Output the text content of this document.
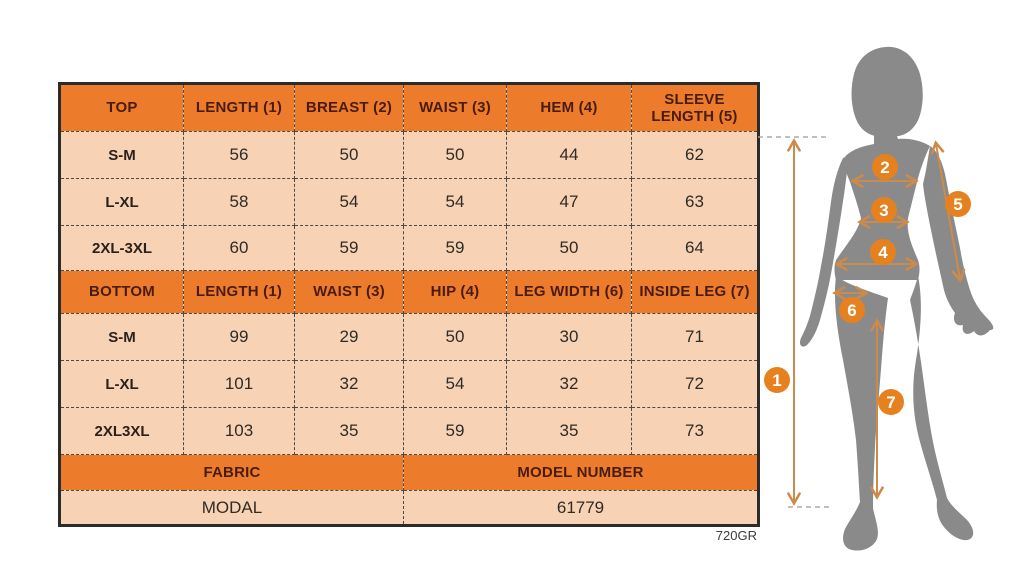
TOP	LENGTH (1)	BREAST (2)	WAIST (3)	HEM (4)	SLEEVE LENGTH (5)
S-M	56	50	50	44	62
L-XL	58	54	54	47	63
2XL-3XL	60	59	59	50	64
BOTTOM	LENGTH (1)	WAIST (3)	HIP (4)	LEG WIDTH (6)	INSIDE LEG (7)
S-M	99	29	50	30	71
L-XL	101	32	54	32	72
2XL3XL	103	35	59	35	73
FABRIC			MODEL NUMBER		
MODAL			61779		
720GR
1
2
3
4
5
6
7
